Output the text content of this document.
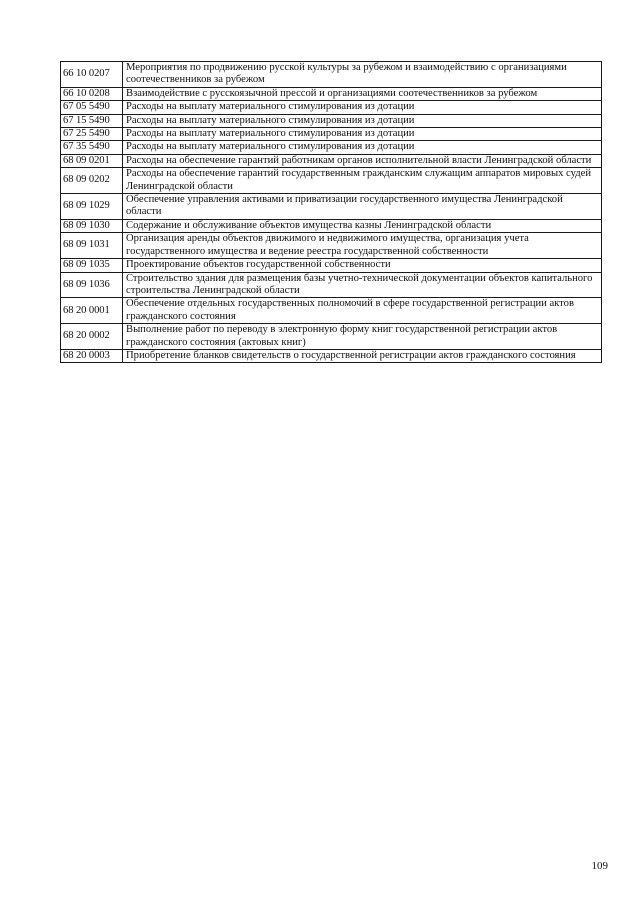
66 10 0207	Мероприятия по продвижению русской культуры за рубежом и взаимодействию с организациями соотечественников за рубежом
66 10 0208	Взаимодействие с русскоязычной прессой и организациями соотечественников за рубежом
67 05 5490	Расходы на выплату материального стимулирования из дотации
67 15 5490	Расходы на выплату материального стимулирования из дотации
67 25 5490	Расходы на выплату материального стимулирования из дотации
67 35 5490	Расходы на выплату материального стимулирования из дотации
68 09 0201	Расходы на обеспечение гарантий работникам органов исполнительной власти Ленинградской области
68 09 0202	Расходы на обеспечение гарантий государственным гражданским служащим аппаратов мировых судей Ленинградской области
68 09 1029	Обеспечение управления активами и приватизации государственного имущества Ленинградской области
68 09 1030	Содержание и обслуживание объектов имущества казны Ленинградской области
68 09 1031	Организация аренды объектов движимого и недвижимого имущества, организация учета государственного имущества и ведение реестра государственной собственности
68 09 1035	Проектирование объектов государственной собственности
68 09 1036	Строительство здания для размещения базы учетно-технической документации объектов капитального строительства Ленинградской области
68 20 0001	Обеспечение отдельных государственных полномочий в сфере государственной регистрации актов гражданского состояния
68 20 0002	Выполнение работ по переводу в электронную форму книг государственной регистрации актов гражданского состояния (актовых книг)
68 20 0003	Приобретение бланков свидетельств о государственной регистрации актов гражданского состояния
109
